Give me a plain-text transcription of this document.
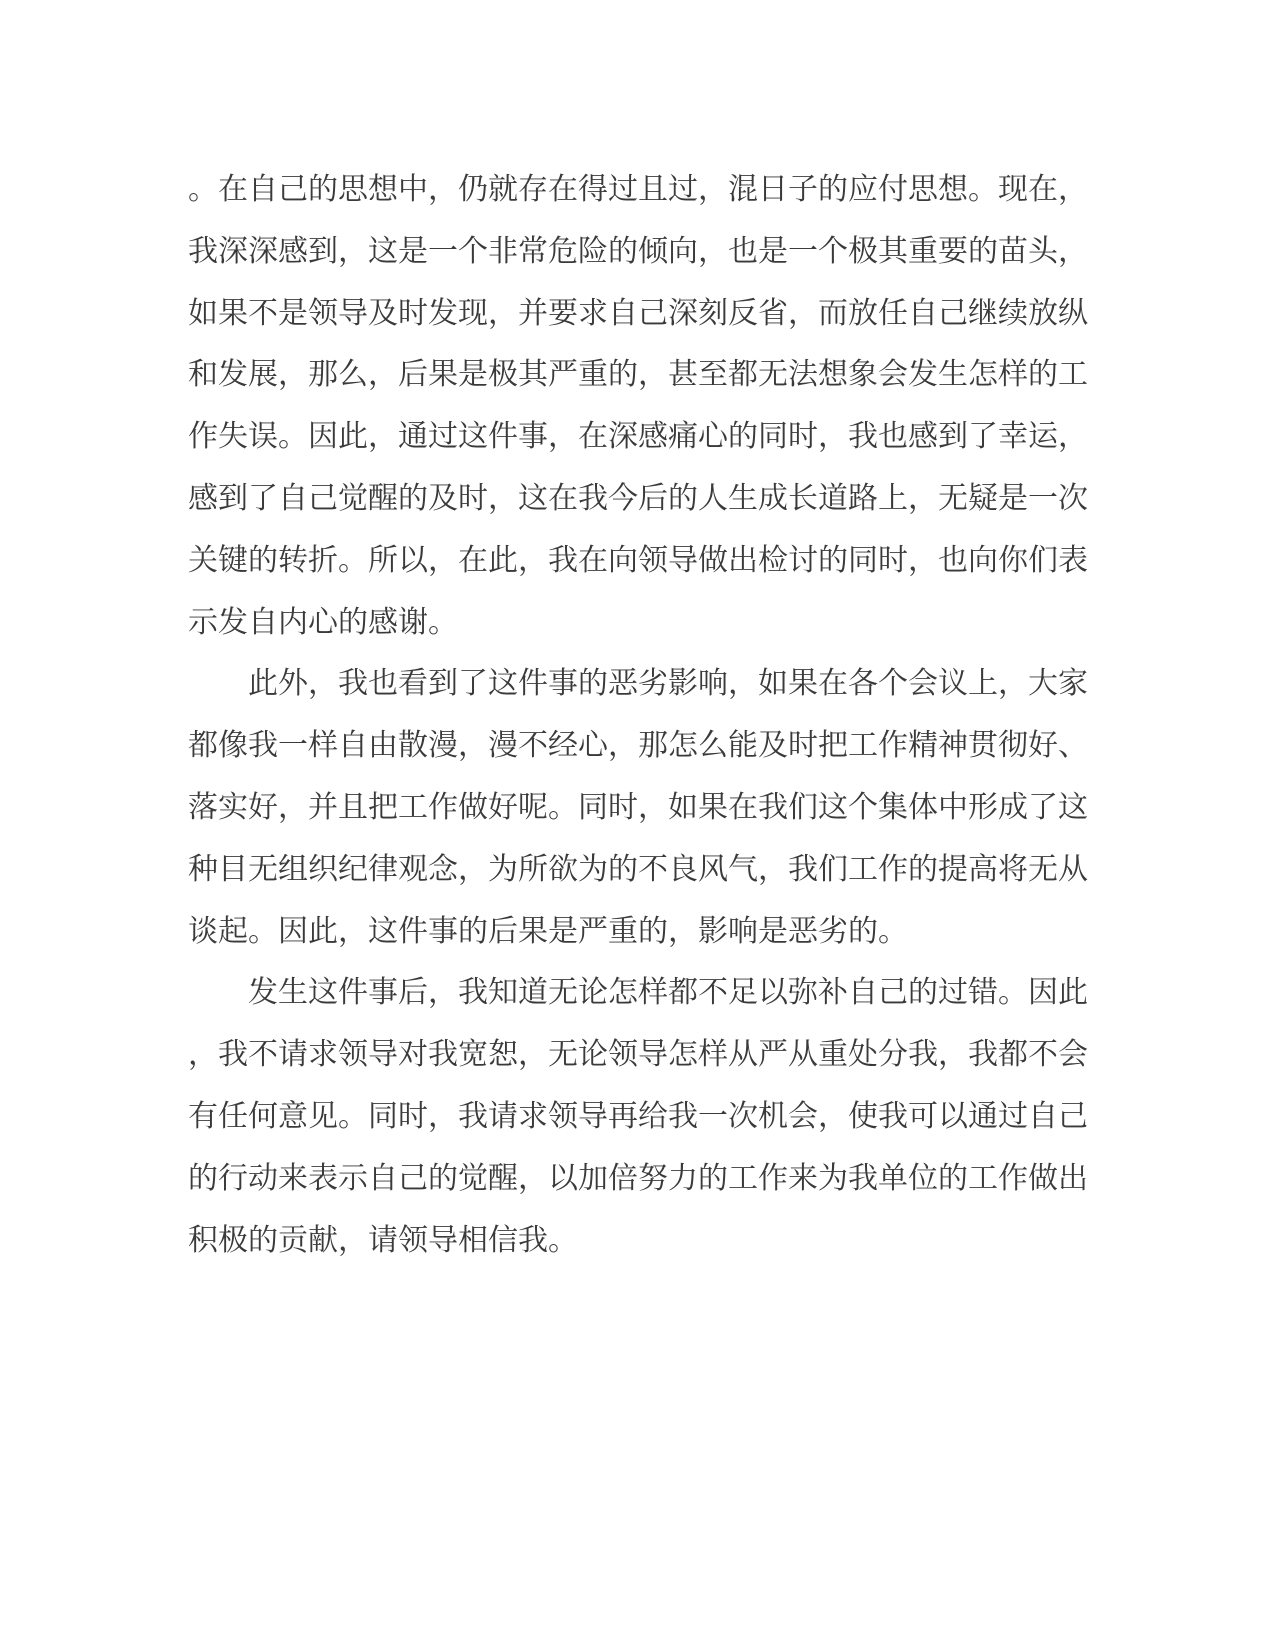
。在自己的思想中，仍就存在得过且过，混日子的应付思想。现在，我深深感到，这是一个非常危险的倾向，也是一个极其重要的苗头，如果不是领导及时发现，并要求自己深刻反省，而放任自己继续放纵和发展，那么，后果是极其严重的，甚至都无法想象会发生怎样的工作失误。因此，通过这件事，在深感痛心的同时，我也感到了幸运，感到了自己觉醒的及时，这在我今后的人生成长道路上，无疑是一次关键的转折。所以，在此，我在向领导做出检讨的同时，也向你们表示发自内心的感谢。

此外，我也看到了这件事的恶劣影响，如果在各个会议上，大家都像我一样自由散漫，漫不经心，那怎么能及时把工作精神贯彻好、落实好，并且把工作做好呢。同时，如果在我们这个集体中形成了这种目无组织纪律观念，为所欲为的不良风气，我们工作的提高将无从谈起。因此，这件事的后果是严重的，影响是恶劣的。

发生这件事后，我知道无论怎样都不足以弥补自己的过错。因此，我不请求领导对我宽恕，无论领导怎样从严从重处分我，我都不会有任何意见。同时，我请求领导再给我一次机会，使我可以通过自己的行动来表示自己的觉醒，以加倍努力的工作来为我单位的工作做出积极的贡献，请领导相信我。
